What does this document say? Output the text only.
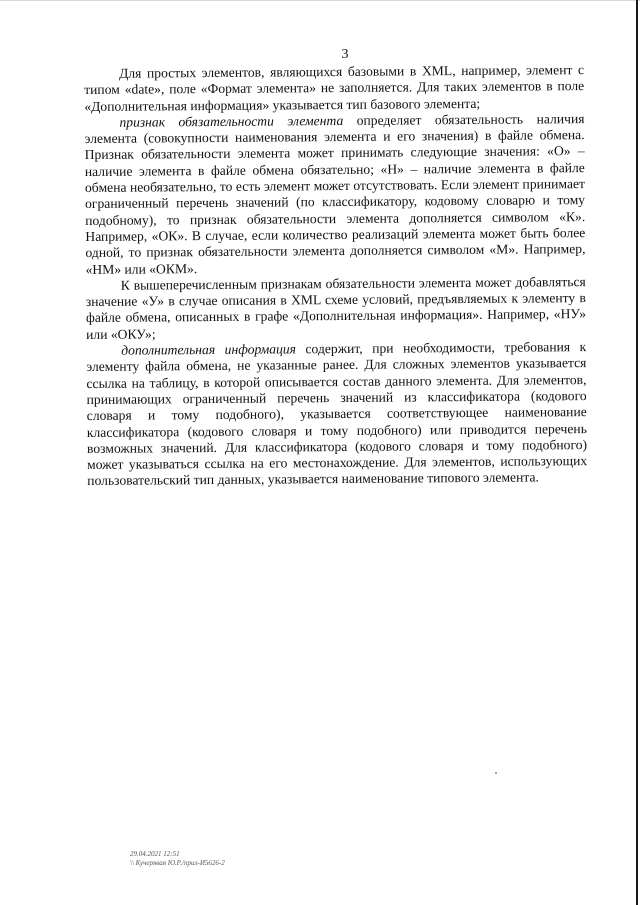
3

Для простых элементов, являющихся базовыми в XML, например, элемент с типом «date», поле «Формат элемента» не заполняется. Для таких элементов в поле «Дополнительная информация» указывается тип базового элемента;

признак обязательности элемента определяет обязательность наличия элемента (совокупности наименования элемента и его значения) в файле обмена. Признак обязательности элемента может принимать следующие значения: «О» – наличие элемента в файле обмена обязательно; «Н» – наличие элемента в файле обмена необязательно, то есть элемент может отсутствовать. Если элемент принимает ограниченный перечень значений (по классификатору, кодовому словарю и тому подобному), то признак обязательности элемента дополняется символом «К». Например, «ОК». В случае, если количество реализаций элемента может быть более одной, то признак обязательности элемента дополняется символом «М». Например, «НМ» или «ОКМ».

К вышеперечисленным признакам обязательности элемента может добавляться значение «У» в случае описания в XML схеме условий, предъявляемых к элементу в файле обмена, описанных в графе «Дополнительная информация». Например, «НУ» или «ОКУ»;

дополнительная информация содержит, при необходимости, требования к элементу файла обмена, не указанные ранее. Для сложных элементов указывается ссылка на таблицу, в которой описывается состав данного элемента. Для элементов, принимающих ограниченный перечень значений из классификатора (кодового словаря и тому подобного), указывается соответствующее наименование классификатора (кодового словаря и тому подобного) или приводится перечень возможных значений. Для классификатора (кодового словаря и тому подобного) может указываться ссылка на его местонахождение. Для элементов, использующих пользовательский тип данных, указывается наименование типового элемента.

29.04.2021 12:51
\\ Кучерявая Ю.Р./прил-И5626-2
